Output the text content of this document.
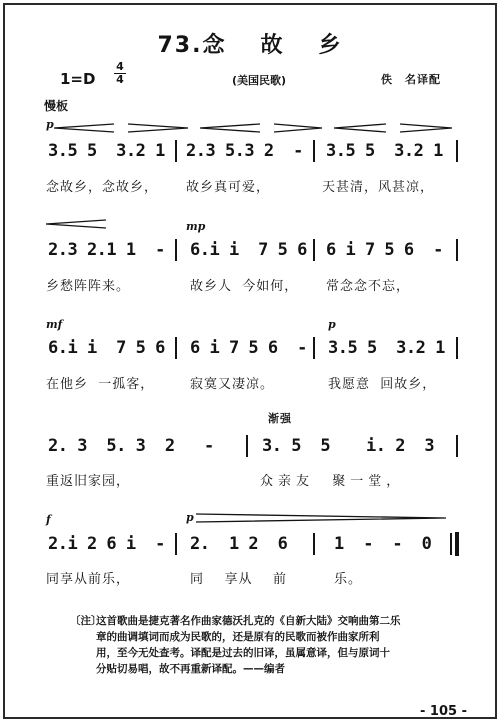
73.念 故 乡
1=D
4
4	(美国民歌)	佚　名译配
慢板
p
3.5 5  3.2 1 2.3 5.3 2  - 3.5 5  3.2 1
念故乡，念故乡， 故乡真可爱，	天甚清，风甚凉，
mp
2.3 2.1 1  - 6.i i  7 5 6 6 i 7 5 6  -
乡愁阵阵来。	故乡人  今如何， 常念念不忘，
mf	p
6.i i  7 5 6 6 i 7 5 6  - 3.5 5  3.2 1
在他乡  一孤客，	寂寞又凄凉。	我愿意  回故乡，
渐强
2. 3  5. 3  2 -	3. 5  5 i. 2  3
重返旧家园，	众亲友  聚一堂，
f	p
2.i 2 6 i  - 2.  1 2  6	1  -  -  0
同享从前乐，	同    享从    前	乐。
〔注〕
这首歌曲是捷克著名作曲家德沃扎克的《自新大陆》交响曲第二乐
章的曲调填词而成为民歌的，还是原有的民歌而被作曲家所利
用，至今无处查考。译配是过去的旧译，虽属意译，但与原词十
分贴切易唱，故不再重新译配。——编者
- 105 -
